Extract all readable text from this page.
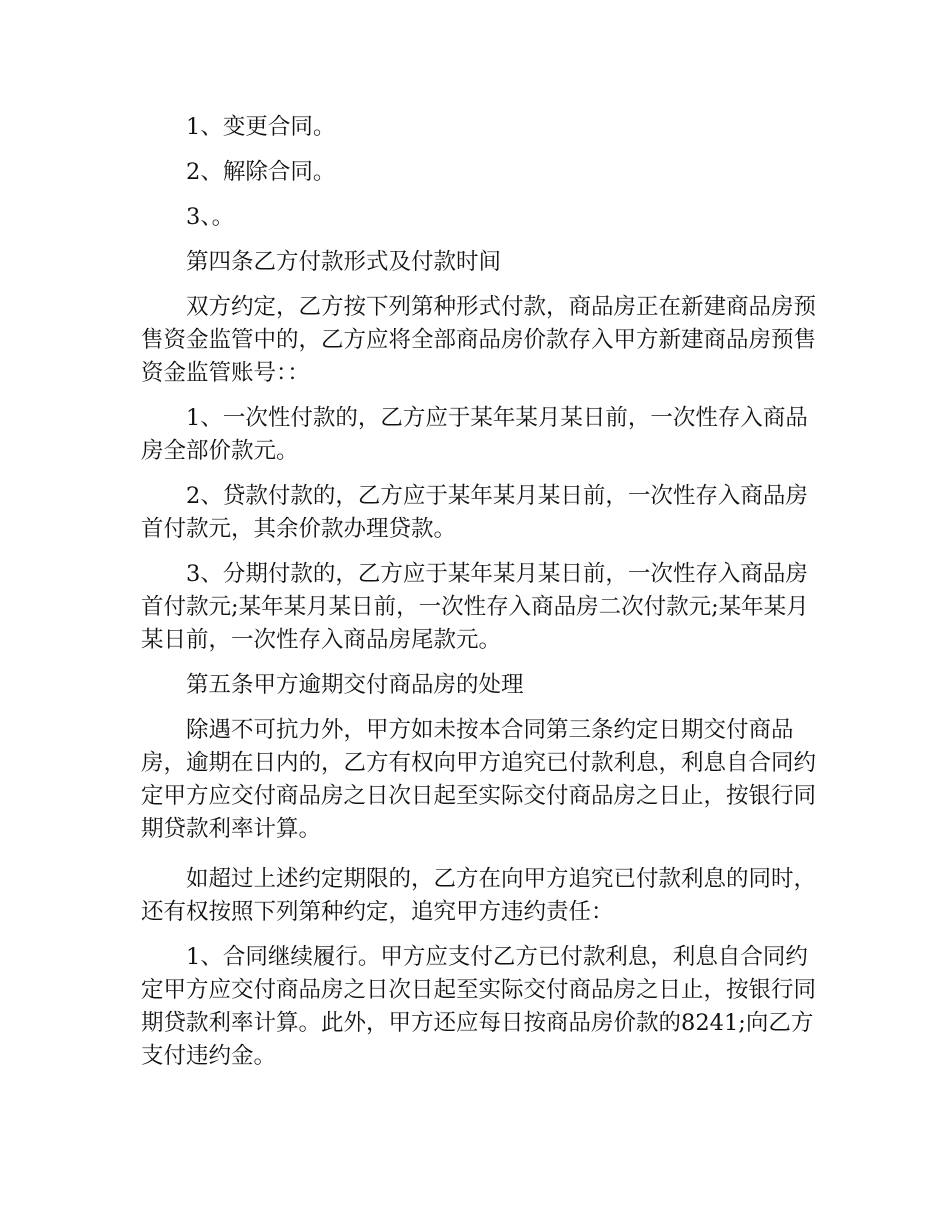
1、变更合同。

2、解除合同。

3、。

第四条乙方付款形式及付款时间

双方约定，乙方按下列第种形式付款，商品房正在新建商品房预售资金监管中的，乙方应将全部商品房价款存入甲方新建商品房预售资金监管账号：：

1、一次性付款的，乙方应于某年某月某日前，一次性存入商品房全部价款元。

2、贷款付款的，乙方应于某年某月某日前，一次性存入商品房首付款元，其余价款办理贷款。

3、分期付款的，乙方应于某年某月某日前，一次性存入商品房首付款元;某年某月某日前，一次性存入商品房二次付款元;某年某月某日前，一次性存入商品房尾款元。

第五条甲方逾期交付商品房的处理

除遇不可抗力外，甲方如未按本合同第三条约定日期交付商品房，逾期在日内的，乙方有权向甲方追究已付款利息，利息自合同约定甲方应交付商品房之日次日起至实际交付商品房之日止，按银行同期贷款利率计算。

如超过上述约定期限的，乙方在向甲方追究已付款利息的同时，还有权按照下列第种约定，追究甲方违约责任：

1、合同继续履行。甲方应支付乙方已付款利息，利息自合同约定甲方应交付商品房之日次日起至实际交付商品房之日止，按银行同期贷款利率计算。此外，甲方还应每日按商品房价款的8241;向乙方支付违约金。
